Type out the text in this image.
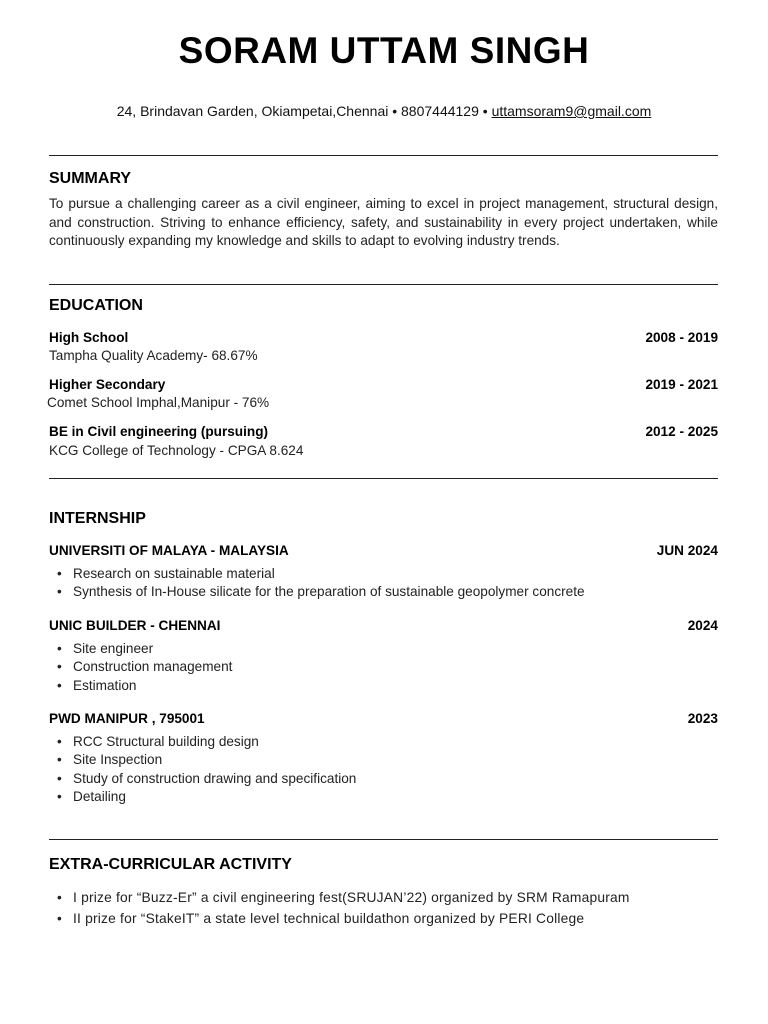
SORAM UTTAM SINGH
24, Brindavan Garden, Okiampetai,Chennai • 8807444129 • uttamsoram9@gmail.com
SUMMARY
To pursue a challenging career as a civil engineer, aiming to excel in project management, structural design, and construction. Striving to enhance efficiency, safety, and sustainability in every project undertaken, while continuously expanding my knowledge and skills to adapt to evolving industry trends.
EDUCATION
High School	2008 - 2019
Tampha Quality Academy- 68.67%
Higher Secondary	2019 - 2021
Comet School Imphal,Manipur - 76%
BE in Civil engineering (pursuing)	2012 - 2025
KCG College of Technology - CPGA 8.624
INTERNSHIP
UNIVERSITI OF MALAYA - MALAYSIA	JUN 2024
• Research on sustainable material
• Synthesis of In-House silicate for the preparation of sustainable geopolymer concrete
UNIC BUILDER - CHENNAI	2024
• Site engineer
• Construction management
• Estimation
PWD MANIPUR , 795001	2023
• RCC Structural building design
• Site Inspection
• Study of construction drawing and specification
• Detailing
EXTRA-CURRICULAR ACTIVITY
• I prize for “Buzz-Er” a civil engineering fest(SRUJAN’22) organized by SRM Ramapuram
• II prize for “StakeIT” a state level technical buildathon organized by PERI College
